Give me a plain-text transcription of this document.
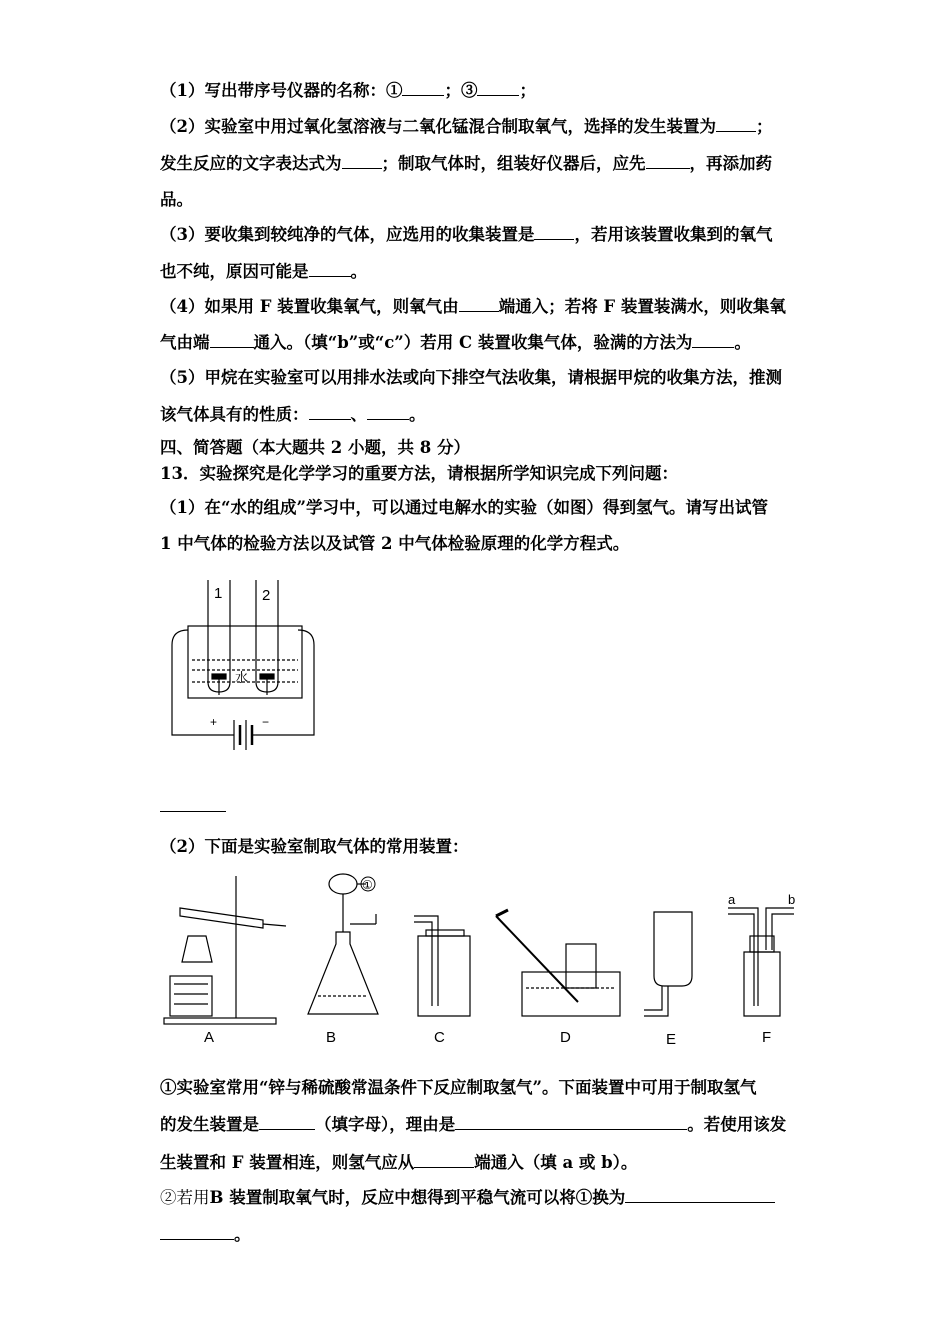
（1）写出带序号仪器的名称：①	；③	；
（2）实验室中用过氧化氢溶液与二氧化锰混合制取氧气，选择的发生装置为 ；
发生反应的文字表达式为 ；制取气体时，组装好仪器后，应先	，再添加药
品。
（3）要收集到较纯净的气体，应选用的收集装置是 ，若用该装置收集到的氧气
也不纯，原因可能是	。
（4）如果用 F 装置收集氧气，则氧气由 端通入；若将 F 装置装满水，则收集氧
气由端	通入。（填“b”或“c”）若用 C 装置收集气体，验满的方法为	。
（5）甲烷在实验室可以用排水法或向下排空气法收集，请根据甲烷的收集方法，推测
该气体具有的性质：	、	。
四、简答题（本大题共 2 小题，共 8 分）
13．实验探究是化学学习的重要方法，请根据所学知识完成下列问题：
（1）在“水的组成”学习中，可以通过电解水的实验（如图）得到氢气。请写出试管
1 中气体的检验方法以及试管 2 中气体检验原理的化学方程式。
1	2
水
+	−
（2）下面是实验室制取气体的常用装置：
①
a	b
A	B	C	D	E	F
①实验室常用“锌与稀硫酸常温条件下反应制取氢气”。下面装置中可用于制取氢气
的发生装置是	（填字母），理由是	。若使用该发
生装置和 F 装置相连，则氢气应从	端通入（填 a 或 b）。
②若用B 装置制取氧气时，反应中想得到平稳气流可以将①换为
。
